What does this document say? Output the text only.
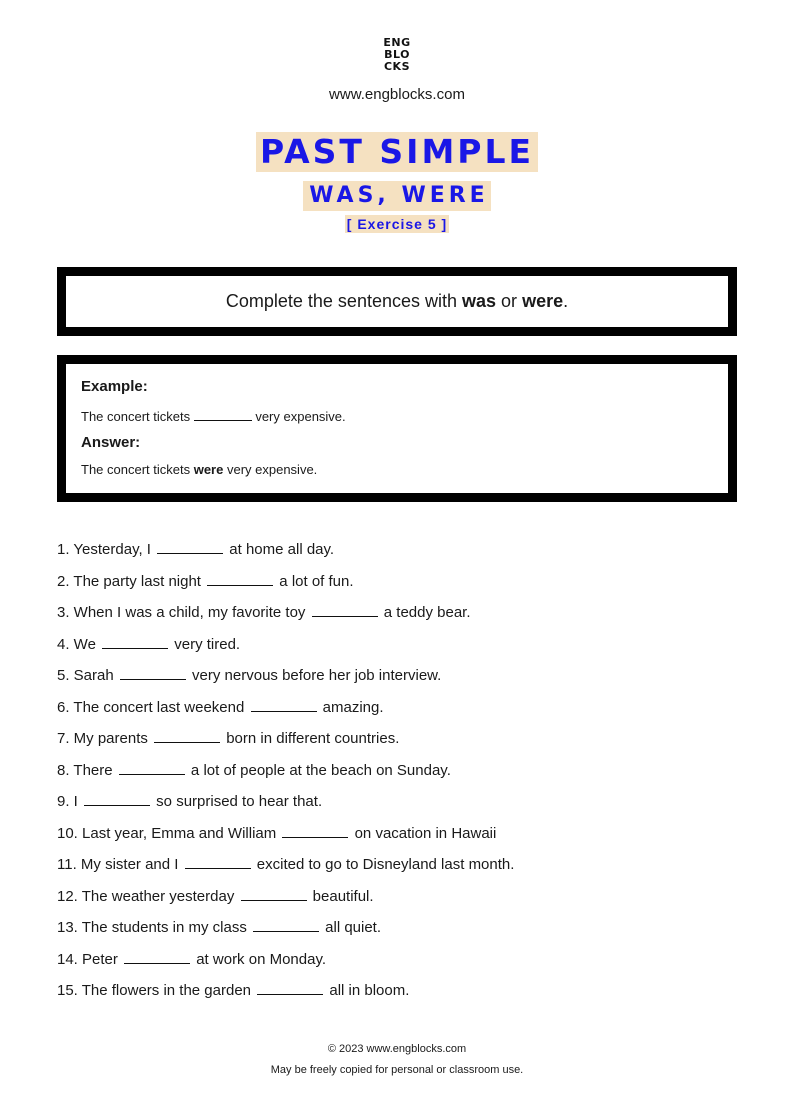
ENG
BLO
CKS
www.engblocks.com
PAST SIMPLE
WAS, WERE
[ Exercise 5 ]
Complete the sentences with was or were.
Example:
The concert tickets	very expensive.
Answer:
The concert tickets were very expensive.
1. Yesterday, I	at home all day.
2. The party last night	a lot of fun.
3. When I was a child, my favorite toy	a teddy bear.
4. We	very tired.
5. Sarah	very nervous before her job interview.
6. The concert last weekend	amazing.
7. My parents	born in different countries.
8. There	a lot of people at the beach on Sunday.
9. I	so surprised to hear that.
10. Last year, Emma and William	on vacation in Hawaii
11. My sister and I	excited to go to Disneyland last month.
12. The weather yesterday	beautiful.
13. The students in my class	all quiet.
14. Peter	at work on Monday.
15. The flowers in the garden	all in bloom.
© 2023 www.engblocks.com
May be freely copied for personal or classroom use.
